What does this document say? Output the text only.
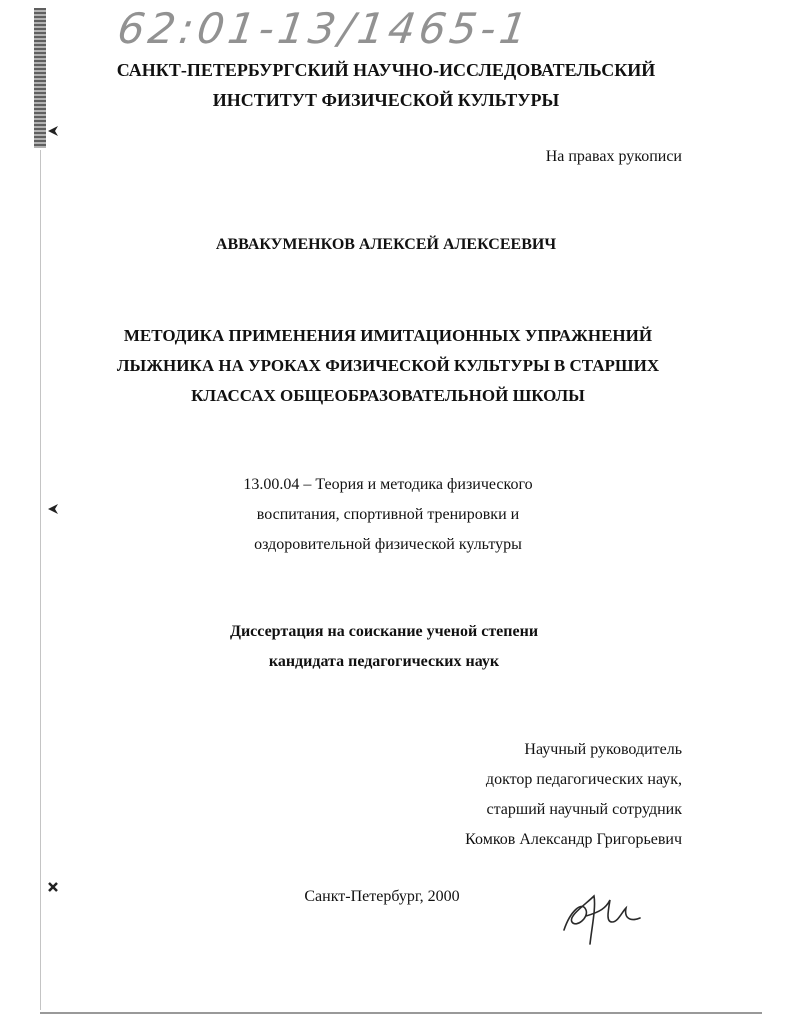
62:01-13/1465-1
САНКТ-ПЕТЕРБУРГСКИЙ НАУЧНО-ИССЛЕДОВАТЕЛЬСКИЙ
ИНСТИТУТ ФИЗИЧЕСКОЙ КУЛЬТУРЫ
На правах рукописи
АВВАКУМЕНКОВ АЛЕКСЕЙ АЛЕКСЕЕВИЧ
МЕТОДИКА ПРИМЕНЕНИЯ ИМИТАЦИОННЫХ УПРАЖНЕНИЙ
ЛЫЖНИКА НА УРОКАХ ФИЗИЧЕСКОЙ КУЛЬТУРЫ В СТАРШИХ
КЛАССАХ ОБЩЕОБРАЗОВАТЕЛЬНОЙ ШКОЛЫ
13.00.04 – Теория и методика физического
воспитания, спортивной тренировки и
оздоровительной физической культуры
Диссертация на соискание ученой степени
кандидата педагогических наук
Научный руководитель
доктор педагогических наук,
старший научный сотрудник
Комков Александр Григорьевич
Санкт-Петербург, 2000
